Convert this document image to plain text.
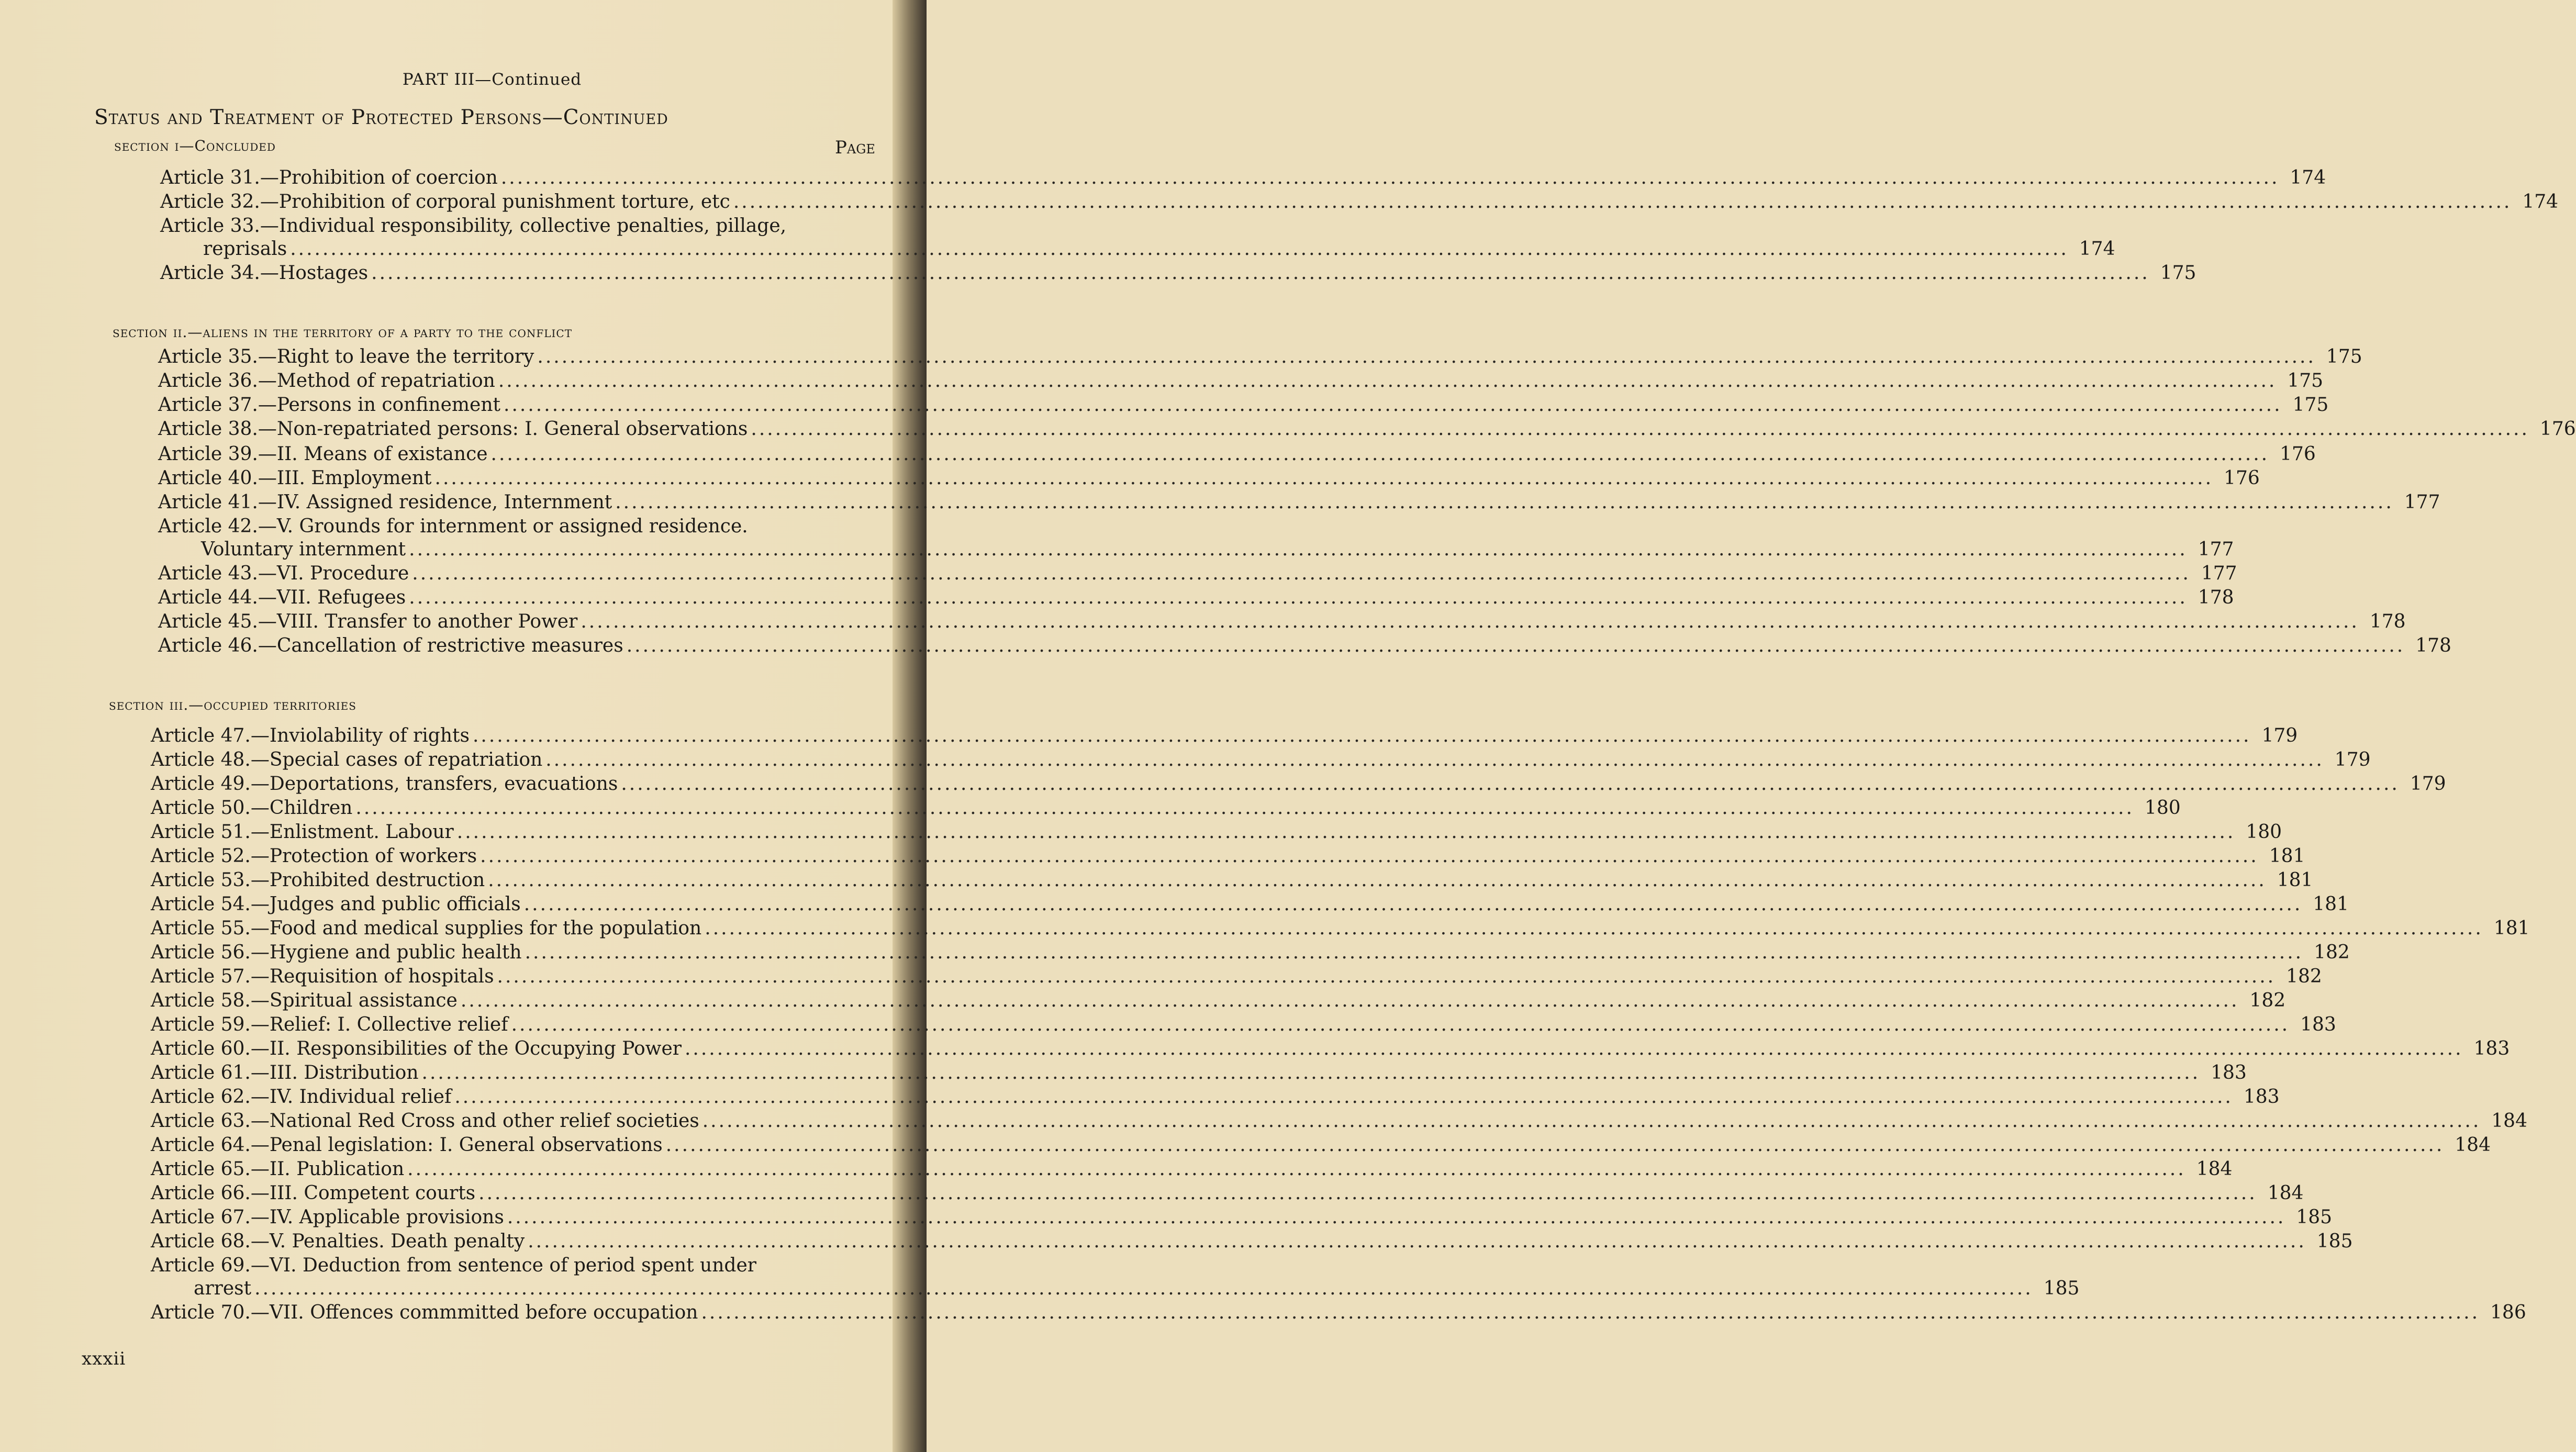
PART III—Continued
Status and Treatment of Protected Persons—Continued
Page
section i—Concluded
section ii.—aliens in the territory of a party to the conflict
section iii.—occupied territories
Article 31.—Prohibition of coercion ............................................................................................................................................................................................................................ 174
Article 32.—Prohibition of corporal punishment torture, etc ............................................................................................................................................................................................................................ 174
Article 33.—Individual responsibility, collective penalties, pillage,
reprisals ............................................................................................................................................................................................................................ 174
Article 34.—Hostages ............................................................................................................................................................................................................................ 175
Article 35.—Right to leave the territory ............................................................................................................................................................................................................................ 175
Article 36.—Method of repatriation ............................................................................................................................................................................................................................ 175
Article 37.—Persons in confinement ............................................................................................................................................................................................................................ 175
Article 38.—Non-repatriated persons: I. General observations ............................................................................................................................................................................................................................ 176
Article 39.—II. Means of existance ............................................................................................................................................................................................................................ 176
Article 40.—III. Employment ............................................................................................................................................................................................................................ 176
Article 41.—IV. Assigned residence, Internment ............................................................................................................................................................................................................................ 177
Article 42.—V. Grounds for internment or assigned residence.
Voluntary internment ............................................................................................................................................................................................................................ 177
Article 43.—VI. Procedure ............................................................................................................................................................................................................................ 177
Article 44.—VII. Refugees ............................................................................................................................................................................................................................ 178
Article 45.—VIII. Transfer to another Power ............................................................................................................................................................................................................................ 178
Article 46.—Cancellation of restrictive measures ............................................................................................................................................................................................................................ 178
Article 47.—Inviolability of rights ............................................................................................................................................................................................................................ 179
Article 48.—Special cases of repatriation ............................................................................................................................................................................................................................ 179
Article 49.—Deportations, transfers, evacuations ............................................................................................................................................................................................................................ 179
Article 50.—Children ............................................................................................................................................................................................................................ 180
Article 51.—Enlistment. Labour ............................................................................................................................................................................................................................ 180
Article 52.—Protection of workers ............................................................................................................................................................................................................................ 181
Article 53.—Prohibited destruction ............................................................................................................................................................................................................................ 181
Article 54.—Judges and public officials ............................................................................................................................................................................................................................ 181
Article 55.—Food and medical supplies for the population ............................................................................................................................................................................................................................ 181
Article 56.—Hygiene and public health ............................................................................................................................................................................................................................ 182
Article 57.—Requisition of hospitals ............................................................................................................................................................................................................................ 182
Article 58.—Spiritual assistance ............................................................................................................................................................................................................................ 182
Article 59.—Relief: I. Collective relief ............................................................................................................................................................................................................................ 183
Article 60.—II. Responsibilities of the Occupying Power ............................................................................................................................................................................................................................ 183
Article 61.—III. Distribution ............................................................................................................................................................................................................................ 183
Article 62.—IV. Individual relief ............................................................................................................................................................................................................................ 183
Article 63.—National Red Cross and other relief societies ............................................................................................................................................................................................................................ 184
Article 64.—Penal legislation: I. General observations ............................................................................................................................................................................................................................ 184
Article 65.—II. Publication ............................................................................................................................................................................................................................ 184
Article 66.—III. Competent courts ............................................................................................................................................................................................................................ 184
Article 67.—IV. Applicable provisions ............................................................................................................................................................................................................................ 185
Article 68.—V. Penalties. Death penalty ............................................................................................................................................................................................................................ 185
Article 69.—VI. Deduction from sentence of period spent under
arrest ............................................................................................................................................................................................................................ 185
Article 70.—VII. Offences commmitted before occupation ............................................................................................................................................................................................................................ 186
xxxii
